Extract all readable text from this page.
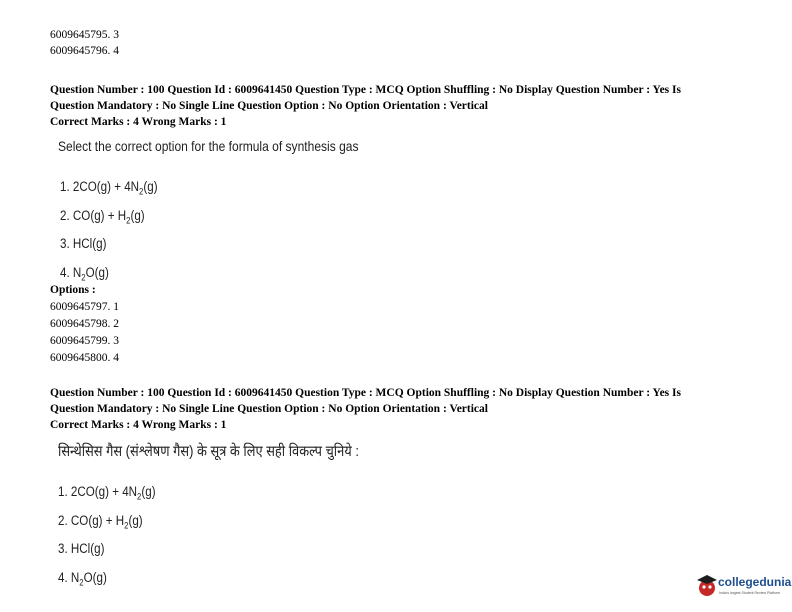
6009645795. 3
6009645796. 4
Question Number : 100 Question Id : 6009641450 Question Type : MCQ Option Shuffling : No Display Question Number : Yes Is
Question Mandatory : No Single Line Question Option : No Option Orientation : Vertical
Correct Marks : 4 Wrong Marks : 1
Select the correct option for the formula of synthesis gas
1. $2CO(g) + 4N_2(g)$
2. $CO(g) + H_2(g)$
3. HCl(g)
4. $N_2O(g)$
Options :
6009645797. 1
6009645798. 2
6009645799. 3
6009645800. 4
Question Number : 100 Question Id : 6009641450 Question Type : MCQ Option Shuffling : No Display Question Number : Yes Is
Question Mandatory : No Single Line Question Option : No Option Orientation : Vertical
Correct Marks : 4 Wrong Marks : 1
सिन्थेसिस गैस (संश्लेषण गैस) के सूत्र के लिए सही विकल्प चुनिये :
1. $2CO(g) + 4N_2(g)$
2. $CO(g) + H_2(g)$
3. HCl(g)
4. $N_2O(g)$	collegedunia
India's largest Student Review Platform
